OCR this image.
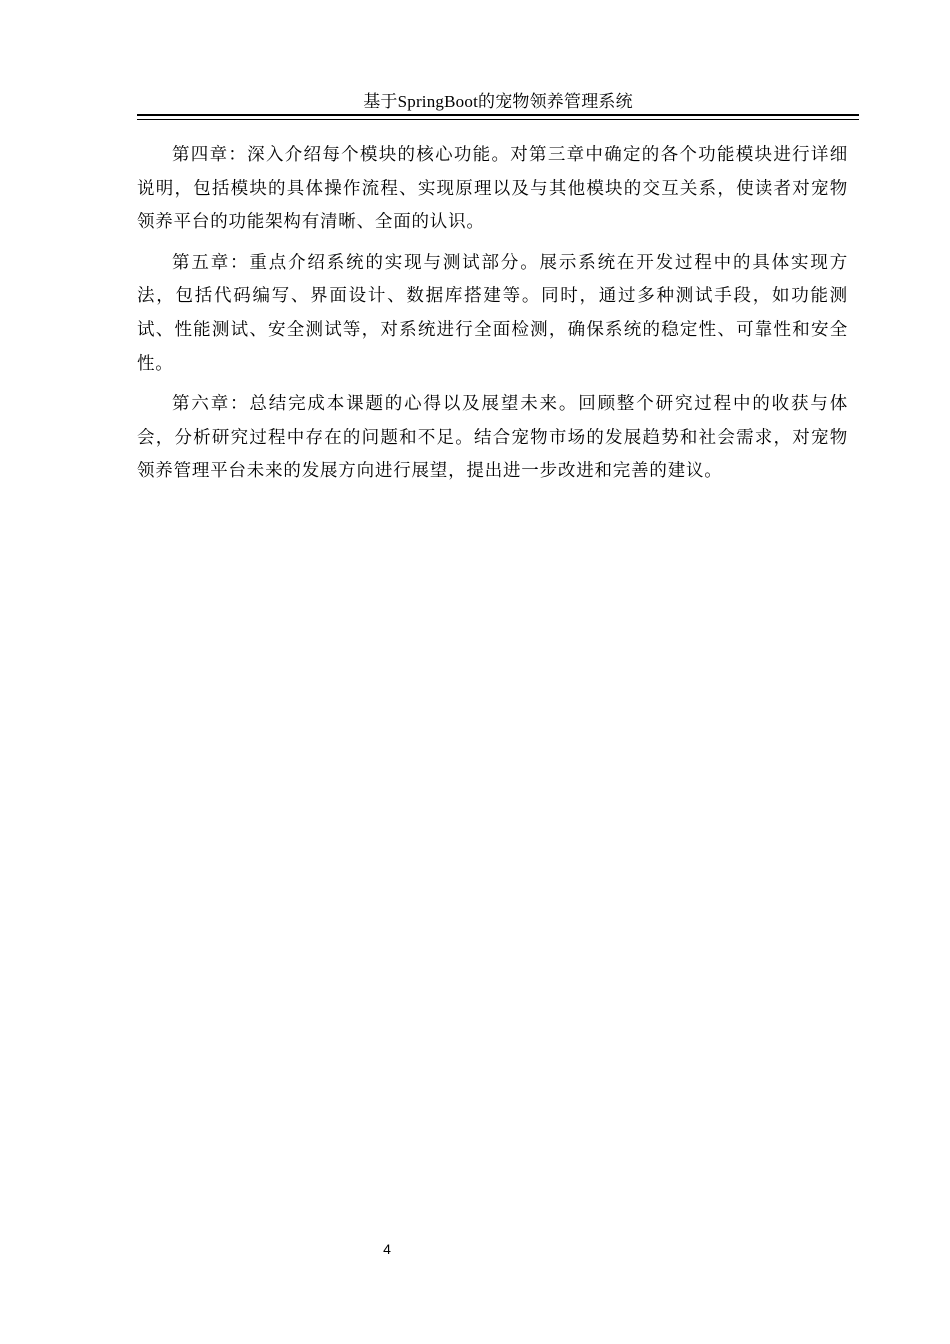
基于SpringBoot的宠物领养管理系统

第四章：深入介绍每个模块的核心功能。对第三章中确定的各个功能模块进行详细说明，包括模块的具体操作流程、实现原理以及与其他模块的交互关系，使读者对宠物领养平台的功能架构有清晰、全面的认识。

第五章：重点介绍系统的实现与测试部分。展示系统在开发过程中的具体实现方法，包括代码编写、界面设计、数据库搭建等。同时，通过多种测试手段，如功能测试、性能测试、安全测试等，对系统进行全面检测，确保系统的稳定性、可靠性和安全性。

第六章：总结完成本课题的心得以及展望未来。回顾整个研究过程中的收获与体会，分析研究过程中存在的问题和不足。结合宠物市场的发展趋势和社会需求，对宠物领养管理平台未来的发展方向进行展望，提出进一步改进和完善的建议。

4
